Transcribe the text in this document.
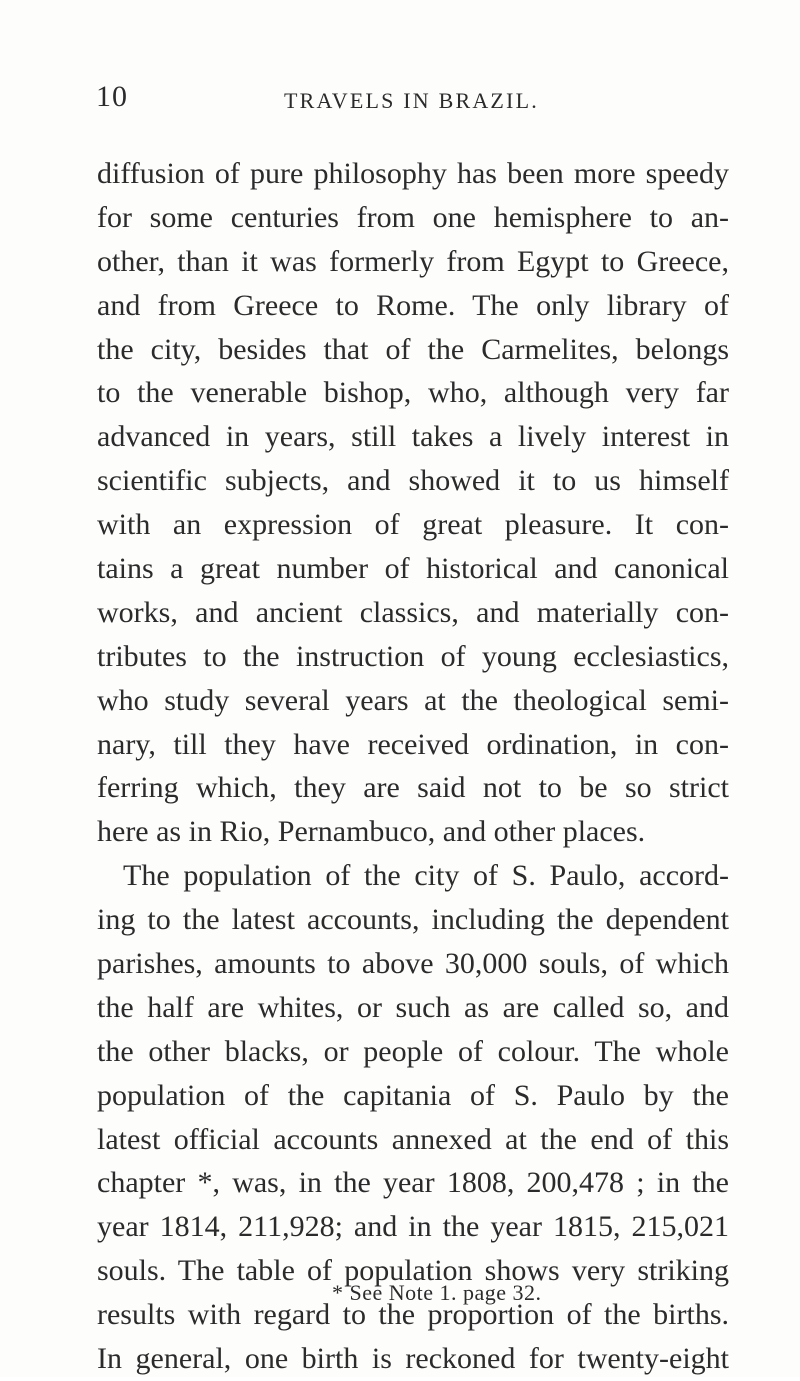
10	TRAVELS IN BRAZIL.
diffusion of pure philosophy has been more speedy
for some centuries from one hemisphere to an-
other, than it was formerly from Egypt to Greece,
and from Greece to Rome. The only library of
the city, besides that of the Carmelites, belongs
to the venerable bishop, who, although very far
advanced in years, still takes a lively interest in
scientific subjects, and showed it to us himself
with an expression of great pleasure. It con-
tains a great number of historical and canonical
works, and ancient classics, and materially con-
tributes to the instruction of young ecclesiastics,
who study several years at the theological semi-
nary, till they have received ordination, in con-
ferring which, they are said not to be so strict
here as in Rio, Pernambuco, and other places.
The population of the city of S. Paulo, accord-
ing to the latest accounts, including the dependent
parishes, amounts to above 30,000 souls, of which
the half are whites, or such as are called so, and
the other blacks, or people of colour. The whole
population of the capitania of S. Paulo by the
latest official accounts annexed at the end of this
chapter *, was, in the year 1808, 200,478 ; in the
year 1814, 211,928; and in the year 1815, 215,021
souls. The table of population shows very striking
results with regard to the proportion of the births.
In general, one birth is reckoned for twenty-eight
* See Note 1. page 32.
